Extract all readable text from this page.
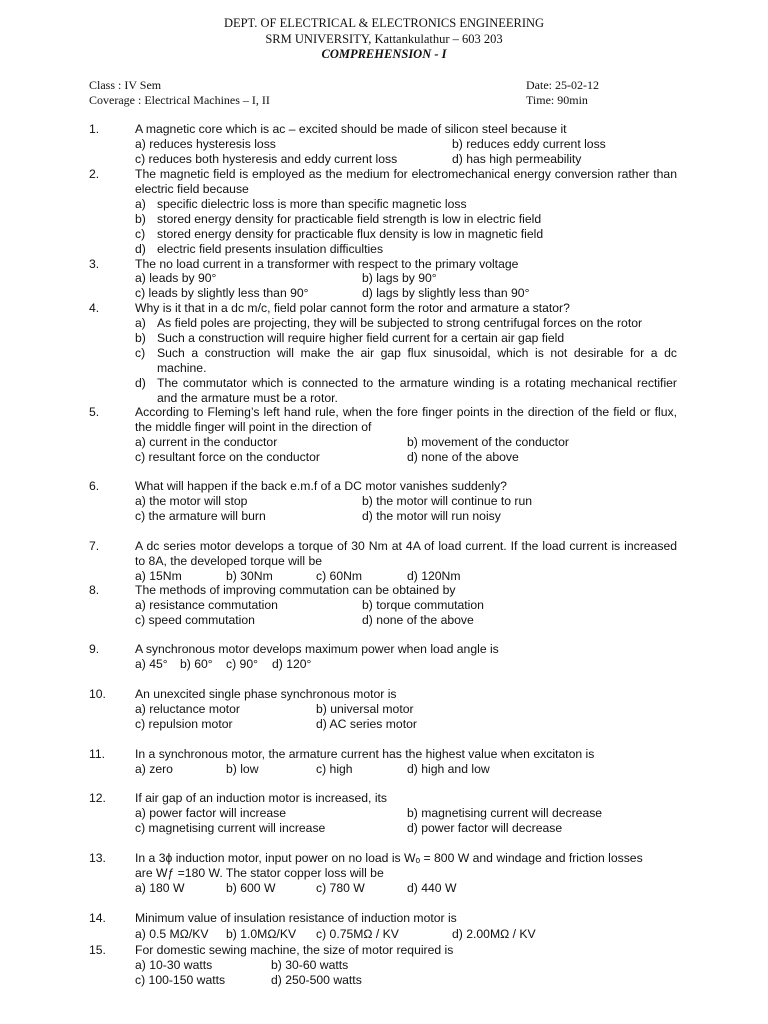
DEPT. OF ELECTRICAL & ELECTRONICS ENGINEERING
SRM UNIVERSITY, Kattankulathur – 603 203
COMPREHENSION - I
Class : IV Sem
Coverage : Electrical Machines – I, II
Date: 25-02-12
Time: 90min
1.	A magnetic core which is ac – excited should be made of silicon steel because it
a) reduces hysteresis loss	b) reduces eddy current loss
c) reduces both hysteresis and eddy current loss	d) has high permeability
2.	The magnetic field is employed as the medium for electromechanical energy conversion rather than electric field because
a) specific dielectric loss is more than specific magnetic loss
b) stored energy density for practicable field strength is low in electric field
c) stored energy density for practicable flux density is low in magnetic field
d) electric field presents insulation difficulties
3.	The no load current in a transformer with respect to the primary voltage
a) leads by 90°	b) lags by 90°
c) leads by slightly less than 90°	d) lags by slightly less than 90°
4.	Why is it that in a dc m/c, field polar cannot form the rotor and armature a stator?
a) As field poles are projecting, they will be subjected to strong centrifugal forces on the rotor
b) Such a construction will require higher field current for a certain air gap field
c) Such a construction will make the air gap flux sinusoidal, which is not desirable for a dc machine.
d) The commutator which is connected to the armature winding is a rotating mechanical rectifier and the armature must be a rotor.
5.	According to Fleming’s left hand rule, when the fore finger points in the direction of the field or flux, the middle finger will point in the direction of
a) current in the conductor	b) movement of the conductor
c) resultant force on the conductor	d) none of the above
6.	What will happen if the back e.m.f of a DC motor vanishes suddenly?
a) the motor will stop	b) the motor will continue to run
c) the armature will burn	d) the motor will run noisy
7.	A dc series motor develops a torque of 30 Nm at 4A of load current. If the load current is increased to 8A, the developed torque will be
a) 15Nm	b) 30Nm	c) 60Nm	d) 120Nm
8.	The methods of improving commutation can be obtained by
a) resistance commutation	b) torque commutation
c) speed commutation	d) none of the above
9.	A synchronous motor develops maximum power when load angle is
a) 45° b) 60° c) 90° d) 120°
10. An unexcited single phase synchronous motor is
a) reluctance motor	b) universal motor
c) repulsion motor	d) AC series motor
11. In a synchronous motor, the armature current has the highest value when excitaton is
a) zero	b) low	c) high	d) high and low
12. If air gap of an induction motor is increased, its
a) power factor will increase	b) magnetising current will decrease
c) magnetising current will increase	d) power factor will decrease
13. In a 3ϕ induction motor, input power on no load is Wₒ = 800 W and windage and friction losses
are Wƒ =180 W. The stator copper loss will be
a) 180 W	b) 600 W	c) 780 W	d) 440 W
14. Minimum value of insulation resistance of induction motor is
a) 0.5 MΩ/KV b) 1.0MΩ/KV c) 0.75MΩ / KV	d) 2.00MΩ / KV
15. For domestic sewing machine, the size of motor required is
a) 10-30 watts	b) 30-60 watts
c) 100-150 watts	d) 250-500 watts
